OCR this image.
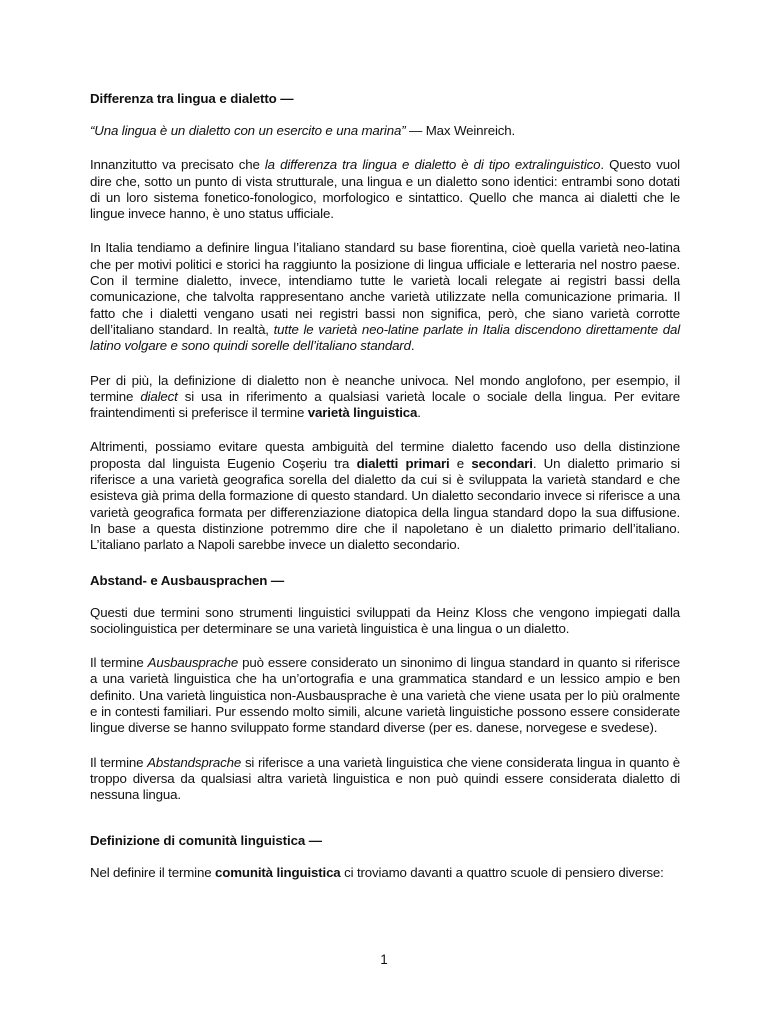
Differenza tra lingua e dialetto —
“Una lingua è un dialetto con un esercito e una marina” — Max Weinreich.
Innanzitutto va precisato che la differenza tra lingua e dialetto è di tipo extralinguistico. Questo vuol dire che, sotto un punto di vista strutturale, una lingua e un dialetto sono identici: entrambi sono dotati di un loro sistema fonetico-fonologico, morfologico e sintattico. Quello che manca ai dialetti che le lingue invece hanno, è uno status ufficiale.
In Italia tendiamo a definire lingua l’italiano standard su base fiorentina, cioè quella varietà neo-latina che per motivi politici e storici ha raggiunto la posizione di lingua ufficiale e letteraria nel nostro paese. Con il termine dialetto, invece, intendiamo tutte le varietà locali relegate ai registri bassi della comunicazione, che talvolta rappresentano anche varietà utilizzate nella comunicazione primaria. Il fatto che i dialetti vengano usati nei registri bassi non significa, però, che siano varietà corrotte dell’italiano standard. In realtà, tutte le varietà neo-latine parlate in Italia discendono direttamente dal latino volgare e sono quindi sorelle dell’italiano standard.
Per di più, la definizione di dialetto non è neanche univoca. Nel mondo anglofono, per esempio, il termine dialect si usa in riferimento a qualsiasi varietà locale o sociale della lingua. Per evitare fraintendimenti si preferisce il termine varietà linguistica.
Altrimenti, possiamo evitare questa ambiguità del termine dialetto facendo uso della distinzione proposta dal linguista Eugenio Coşeriu tra dialetti primari e secondari. Un dialetto primario si riferisce a una varietà geografica sorella del dialetto da cui si è sviluppata la varietà standard e che esisteva già prima della formazione di questo standard. Un dialetto secondario invece si riferisce a una varietà geografica formata per differenziazione diatopica della lingua standard dopo la sua diffusione. In base a questa distinzione potremmo dire che il napoletano è un dialetto primario dell’italiano. L’italiano parlato a Napoli sarebbe invece un dialetto secondario.
Abstand- e Ausbausprachen —
Questi due termini sono strumenti linguistici sviluppati da Heinz Kloss che vengono impiegati dalla sociolinguistica per determinare se una varietà linguistica è una lingua o un dialetto.
Il termine Ausbausprache può essere considerato un sinonimo di lingua standard in quanto si riferisce a una varietà linguistica che ha un’ortografia e una grammatica standard e un lessico ampio e ben definito. Una varietà linguistica non-Ausbausprache è una varietà che viene usata per lo più oralmente e in contesti familiari. Pur essendo molto simili, alcune varietà linguistiche possono essere considerate lingue diverse se hanno sviluppato forme standard diverse (per es. danese, norvegese e svedese).
Il termine Abstandsprache si riferisce a una varietà linguistica che viene considerata lingua in quanto è troppo diversa da qualsiasi altra varietà linguistica e non può quindi essere considerata dialetto di nessuna lingua.
Definizione di comunità linguistica —
Nel definire il termine comunità linguistica ci troviamo davanti a quattro scuole di pensiero diverse:
1
